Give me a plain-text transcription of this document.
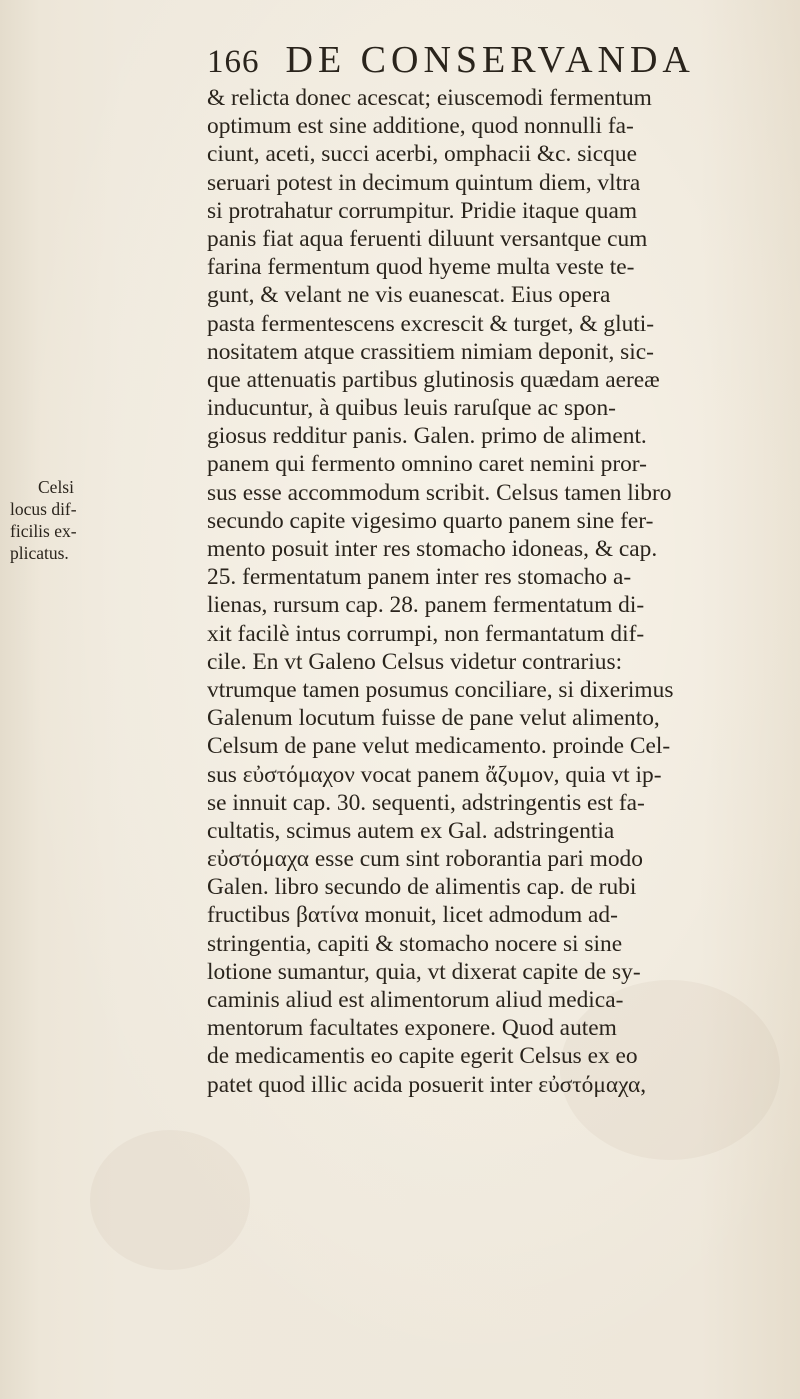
166 DE CONSERVANDA
Celsi
locus dif-
ficilis ex-
plicatus.
& relicta donec acescat; eiuscemodi fermentum
optimum est sine additione, quod nonnulli fa-
ciunt, aceti, succi acerbi, omphacii &c. sicque
seruari potest in decimum quintum diem, vltra
si protrahatur corrumpitur. Pridie itaque quam
panis fiat aqua feruenti diluunt versantque cum
farina fermentum quod hyeme multa veste te-
gunt, & velant ne vis euanescat. Eius opera
pasta fermentescens excrescit & turget, & gluti-
nositatem atque crassitiem nimiam deponit, sic-
que attenuatis partibus glutinosis quædam aereæ
inducuntur, à quibus leuis raruſque ac spon-
giosus redditur panis. Galen. primo de aliment.
panem qui fermento omnino caret nemini pror-
sus esse accommodum scribit. Celsus tamen libro
secundo capite vigesimo quarto panem sine fer-
mento posuit inter res stomacho idoneas, & cap.
25. fermentatum panem inter res stomacho a-
lienas, rursum cap. 28. panem fermentatum di-
xit facilè intus corrumpi, non fermantatum dif-
cile. En vt Galeno Celsus videtur contrarius:
vtrumque tamen posumus conciliare, si dixerimus
Galenum locutum fuisse de pane velut alimento,
Celsum de pane velut medicamento. proinde Cel-
sus εὐστόμαχον vocat panem ἄζυμον, quia vt ip-
se innuit cap. 30. sequenti, adstringentis est fa-
cultatis, scimus autem ex Gal. adstringentia
εὐστόμαχα esse cum sint roborantia pari modo
Galen. libro secundo de alimentis cap. de rubi
fructibus βατίνα monuit, licet admodum ad-
stringentia, capiti & stomacho nocere si sine
lotione sumantur, quia, vt dixerat capite de sy-
caminis aliud est alimentorum aliud medica-
mentorum facultates exponere. Quod autem
de medicamentis eo capite egerit Celsus ex eo
patet quod illic acida posuerit inter εὐστόμαχα,
